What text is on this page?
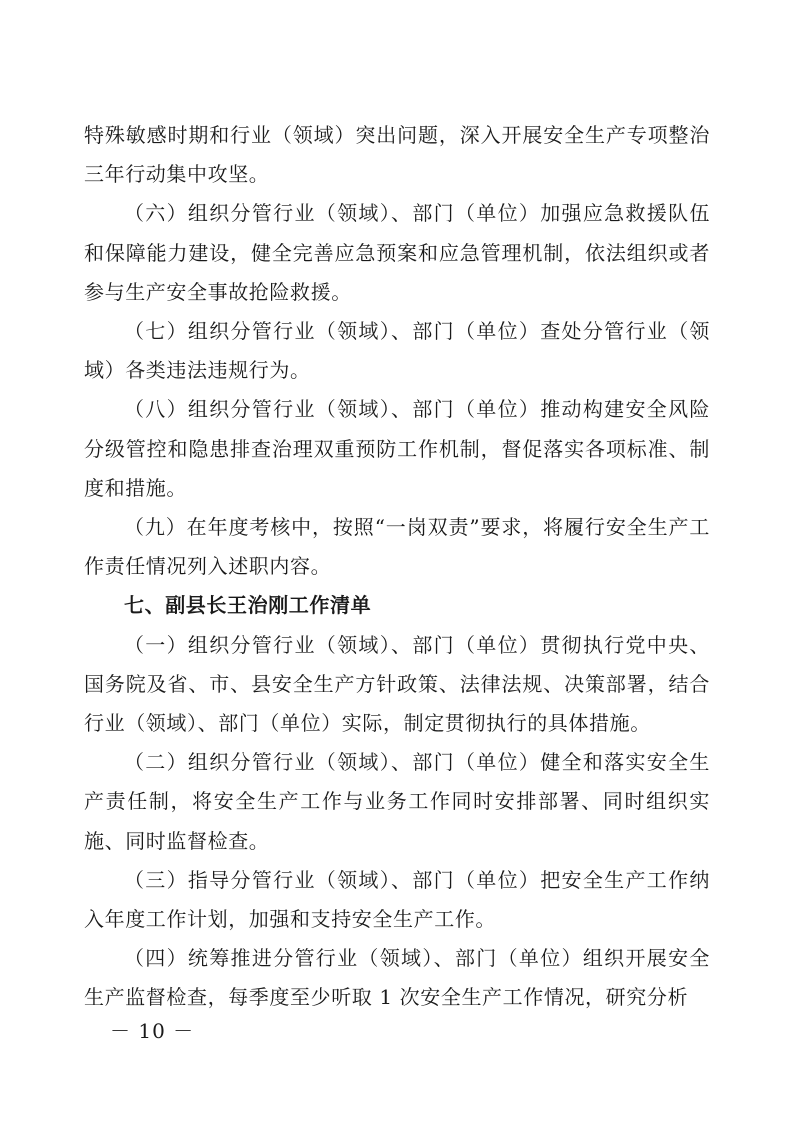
特殊敏感时期和行业（领域）突出问题，深入开展安全生产专项整治三年行动集中攻坚。

（六）组织分管行业（领域）、部门（单位）加强应急救援队伍和保障能力建设，健全完善应急预案和应急管理机制，依法组织或者参与生产安全事故抢险救援。

（七）组织分管行业（领域）、部门（单位）查处分管行业（领域）各类违法违规行为。

（八）组织分管行业（领域）、部门（单位）推动构建安全风险分级管控和隐患排查治理双重预防工作机制，督促落实各项标准、制度和措施。

（九）在年度考核中，按照“一岗双责”要求，将履行安全生产工作责任情况列入述职内容。

七、副县长王治刚工作清单

（一）组织分管行业（领域）、部门（单位）贯彻执行党中央、国务院及省、市、县安全生产方针政策、法律法规、决策部署，结合行业（领域）、部门（单位）实际，制定贯彻执行的具体措施。

（二）组织分管行业（领域）、部门（单位）健全和落实安全生产责任制，将安全生产工作与业务工作同时安排部署、同时组织实施、同时监督检查。

（三）指导分管行业（领域）、部门（单位）把安全生产工作纳入年度工作计划，加强和支持安全生产工作。

（四）统筹推进分管行业（领域）、部门（单位）组织开展安全生产监督检查，每季度至少听取 1 次安全生产工作情况，研究分析

－ 10 －
